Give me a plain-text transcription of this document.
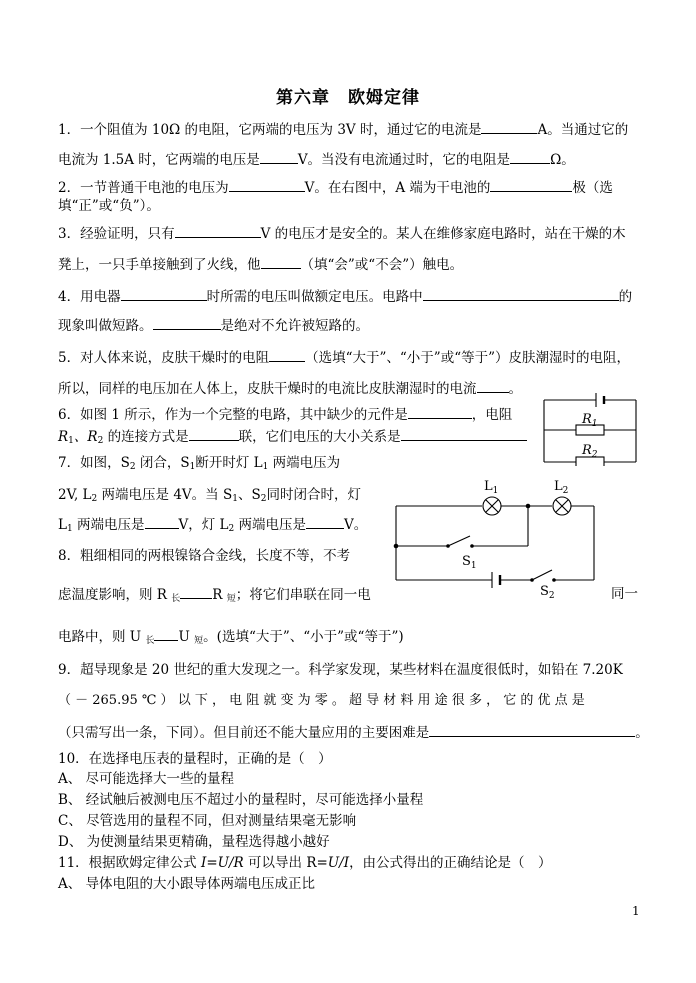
第六章　欧姆定律
1．一个阻值为 10Ω 的电阻，它两端的电压为 3V 时，通过它的电流是	A。当通过它的
电流为 1.5A 时，它两端的电压是	V。当没有电流通过时，它的电阻是	Ω。
2．一节普通干电池的电压为	V。在右图中，A 端为干电池的	极（选
填“正”或“负”）。
3．经验证明，只有	V 的电压才是安全的。某人在维修家庭电路时，站在干燥的木
凳上，一只手单接触到了火线，他	（填“会”或“不会”）触电。
4．用电器	时所需的电压叫做额定电压。电路中	的
现象叫做短路。	是绝对不允许被短路的。
5．对人体来说，皮肤干燥时的电阻	（选填“大于”、“小于”或“等于”）皮肤潮湿时的电阻，
所以，同样的电压加在人体上，皮肤干燥时的电流比皮肤潮湿时的电流 。
6．如图 1 所示，作为一个完整的电路，其中缺少的元件是	，电阻
$R_1$、$R_2$ 的连接方式是	联，它们电压的大小关系是
$R_1$
$R_2$
7．如图，$S_2$ 闭合，$S_1$断开时灯 $L_1$ 两端电压为
2V, $L_2$ 两端电压是 4V。当 $S_1$、$S_2$同时闭合时，灯
$L_1$ 两端电压是	V，灯 $L_2$ 两端电压是	V。
$L_1$	$L_2$
$S_1$
$S_2$
8．粗细相同的两根镍铬合金线，长度不等，不考
虑温度影响，则 R $_长$ R $_短$；将它们串联在同一电	同一
电路中，则 U $_长$ U $_短$。(选填“大于”、“小于”或“等于”)
9．超导现象是 20 世纪的重大发现之一。科学家发现，某些材料在温度很低时，如铅在 7.20K
（ － 265.95 ℃ ） 以 下 ， 电 阻 就 变 为 零 。 超 导 材 料 用 途 很 多 ， 它 的 优 点 是
（只需写出一条，下同）。但目前还不能大量应用的主要困难是	。
10．在选择电压表的量程时，正确的是（　）
A、 尽可能选择大一些的量程
B、 经试触后被测电压不超过小的量程时，尽可能选择小量程
C、 尽管选用的量程不同，但对测量结果毫无影响
D、 为使测量结果更精确，量程选得越小越好
11．根据欧姆定律公式 I=U/R 可以导出 R=U/I，由公式得出的正确结论是（　）
A、 导体电阻的大小跟导体两端电压成正比
1
